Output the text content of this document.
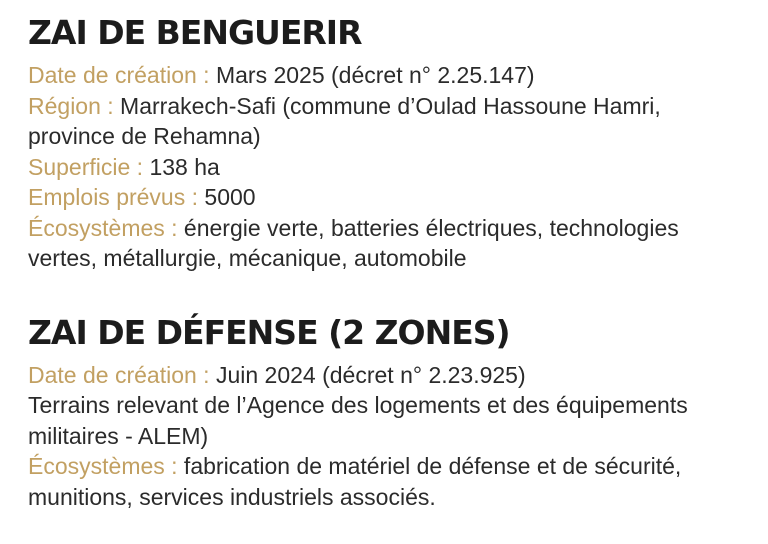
ZAI DE BENGUERIR

Date de création : Mars 2025 (décret n° 2.25.147)

Région : Marrakech-Safi (commune d’Oulad Hassoune Hamri,

province de Rehamna)

Superficie : 138 ha

Emplois prévus : 5000

Écosystèmes : énergie verte, batteries électriques, technologies

vertes, métallurgie, mécanique, automobile

ZAI DE DÉFENSE (2 ZONES)

Date de création : Juin 2024 (décret n° 2.23.925)

Terrains relevant de l’Agence des logements et des équipements

militaires - ALEM)

Écosystèmes : fabrication de matériel de défense et de sécurité,

munitions, services industriels associés.
